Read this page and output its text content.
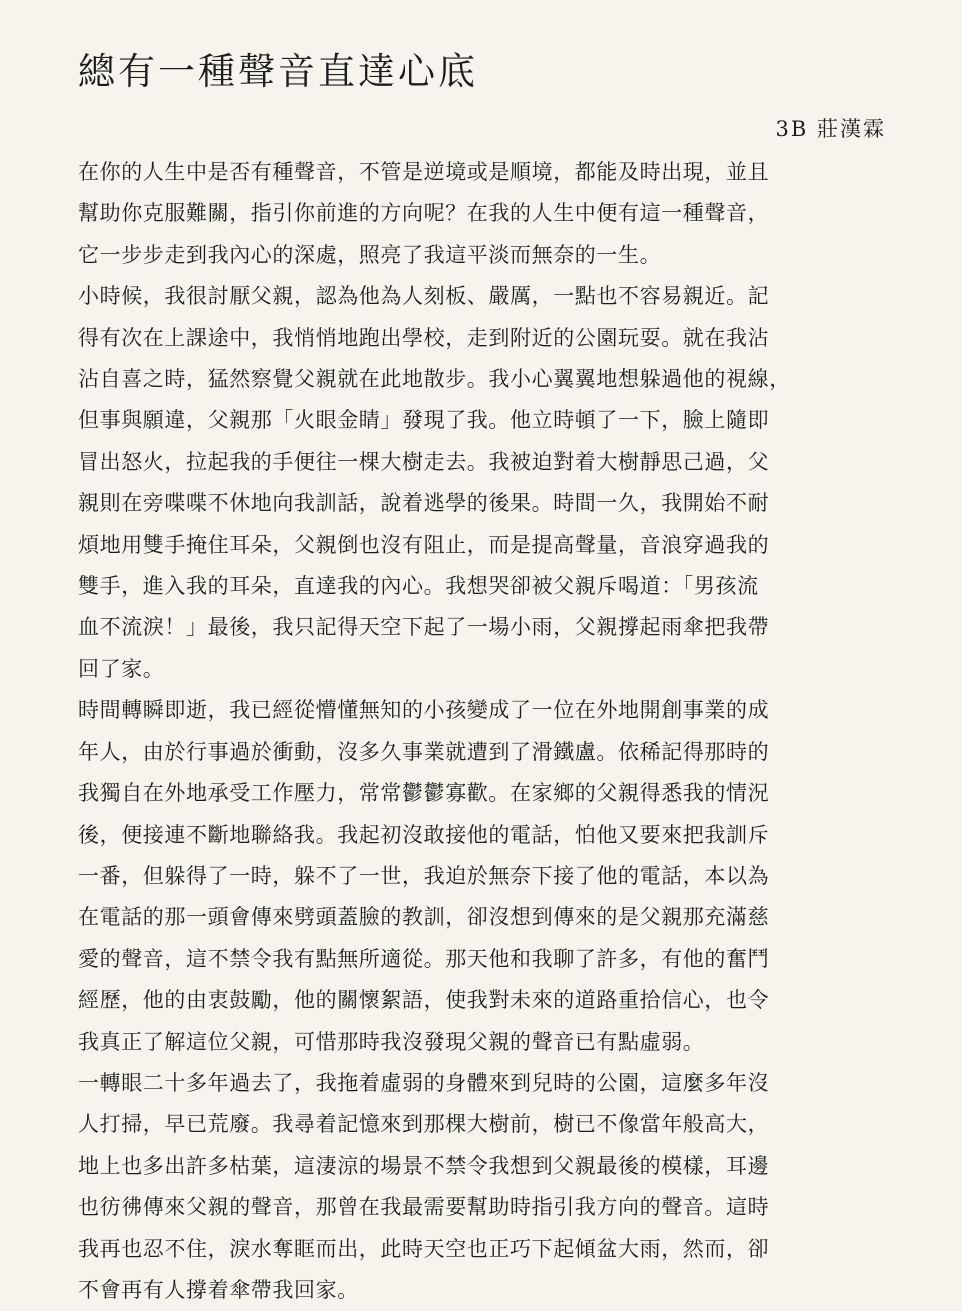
總有一種聲音直達心底
3B 莊漢霖

在你的人生中是否有種聲音，不管是逆境或是順境，都能及時出現，並且
幫助你克服難關，指引你前進的方向呢？在我的人生中便有這一種聲音，
它一步步走到我內心的深處，照亮了我這平淡而無奈的一生。

小時候，我很討厭父親，認為他為人刻板、嚴厲，一點也不容易親近。記
得有次在上課途中，我悄悄地跑出學校，走到附近的公園玩耍。就在我沾
沾自喜之時，猛然察覺父親就在此地散步。我小心翼翼地想躲過他的視線，
但事與願違，父親那「火眼金睛」發現了我。他立時頓了一下，臉上隨即
冒出怒火，拉起我的手便往一棵大樹走去。我被迫對着大樹靜思己過，父
親則在旁喋喋不休地向我訓話，說着逃學的後果。時間一久，我開始不耐
煩地用雙手掩住耳朵，父親倒也沒有阻止，而是提高聲量，音浪穿過我的
雙手，進入我的耳朵，直達我的內心。我想哭卻被父親斥喝道：「男孩流
血不流淚！」最後，我只記得天空下起了一場小雨，父親撐起雨傘把我帶
回了家。

時間轉瞬即逝，我已經從懵懂無知的小孩變成了一位在外地開創事業的成
年人，由於行事過於衝動，沒多久事業就遭到了滑鐵盧。依稀記得那時的
我獨自在外地承受工作壓力，常常鬱鬱寡歡。在家鄉的父親得悉我的情況
後，便接連不斷地聯絡我。我起初沒敢接他的電話，怕他又要來把我訓斥
一番，但躲得了一時，躲不了一世，我迫於無奈下接了他的電話，本以為
在電話的那一頭會傳來劈頭蓋臉的教訓，卻沒想到傳來的是父親那充滿慈
愛的聲音，這不禁令我有點無所適從。那天他和我聊了許多，有他的奮鬥
經歷，他的由衷鼓勵，他的關懷絮語，使我對未來的道路重拾信心，也令
我真正了解這位父親，可惜那時我沒發現父親的聲音已有點虛弱。

一轉眼二十多年過去了，我拖着虛弱的身體來到兒時的公園，這麼多年沒
人打掃，早已荒廢。我尋着記憶來到那棵大樹前，樹已不像當年般高大，
地上也多出許多枯葉，這淒涼的場景不禁令我想到父親最後的模樣，耳邊
也彷彿傳來父親的聲音，那曾在我最需要幫助時指引我方向的聲音。這時
我再也忍不住，淚水奪眶而出，此時天空也正巧下起傾盆大雨，然而，卻
不會再有人撐着傘帶我回家。
